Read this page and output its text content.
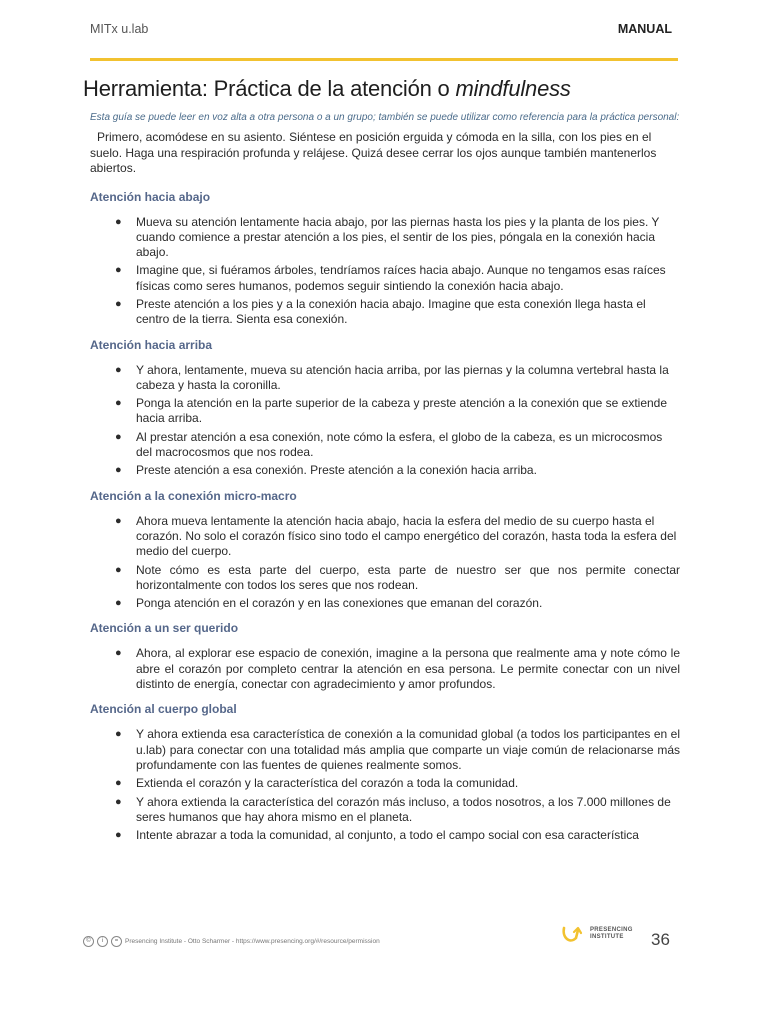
MITx u.lab	MANUAL
Herramienta: Práctica de la atención o mindfulness

Esta guía se puede leer en voz alta a otra persona o a un grupo; también se puede utilizar como referencia para la práctica personal:

Primero, acomódese en su asiento. Siéntese en posición erguida y cómoda en la silla, con los pies en el suelo. Haga una respiración profunda y relájese. Quizá desee cerrar los ojos aunque también mantenerlos abiertos.

Atención hacia abajo
● Mueva su atención lentamente hacia abajo, por las piernas hasta los pies y la planta de los pies. Y cuando comience a prestar atención a los pies, el sentir de los pies, póngala en la conexión hacia abajo.
● Imagine que, si fuéramos árboles, tendríamos raíces hacia abajo. Aunque no tengamos esas raíces físicas como seres humanos, podemos seguir sintiendo la conexión hacia abajo.
● Preste atención a los pies y a la conexión hacia abajo. Imagine que esta conexión llega hasta el centro de la tierra. Sienta esa conexión.
Atención hacia arriba
● Y ahora, lentamente, mueva su atención hacia arriba, por las piernas y la columna vertebral hasta la cabeza y hasta la coronilla.
● Ponga la atención en la parte superior de la cabeza y preste atención a la conexión que se extiende hacia arriba.
● Al prestar atención a esa conexión, note cómo la esfera, el globo de la cabeza, es un microcosmos del macrocosmos que nos rodea.
● Preste atención a esa conexión. Preste atención a la conexión hacia arriba.
Atención a la conexión micro-macro
● Ahora mueva lentamente la atención hacia abajo, hacia la esfera del medio de su cuerpo hasta el corazón. No solo el corazón físico sino todo el campo energético del corazón, hasta toda la esfera del medio del cuerpo.
● Note cómo es esta parte del cuerpo, esta parte de nuestro ser que nos permite conectar horizontalmente con todos los seres que nos rodean.
● Ponga atención en el corazón y en las conexiones que emanan del corazón.
Atención a un ser querido
● Ahora, al explorar ese espacio de conexión, imagine a la persona que realmente ama y note cómo le abre el corazón por completo centrar la atención en esa persona. Le permite conectar con un nivel distinto de energía, conectar con agradecimiento y amor profundos.
Atención al cuerpo global
● Y ahora extienda esa característica de conexión a la comunidad global (a todos los participantes en el u.lab) para conectar con una totalidad más amplia que comparte un viaje común de relacionarse más profundamente con las fuentes de quienes realmente somos.
● Extienda el corazón y la característica del corazón a toda la comunidad.
● Y ahora extienda la característica del corazón más incluso, a todos nosotros, a los 7.000 millones de seres humanos que hay ahora mismo en el planeta.
● Intente abrazar a toda la comunidad, al conjunto, a todo el campo social con esa característica
©	i	=	Presencing Institute - Otto Scharmer - https://www.presencing.org/#/resource/permission
PRESENCING
INSTITUTE	36
